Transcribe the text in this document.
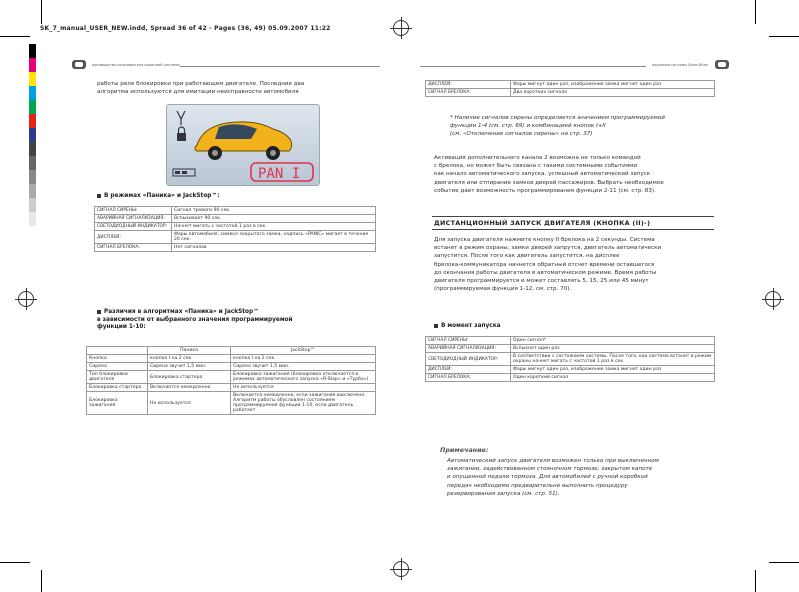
SK_7_manual_USER_NEW.indd, Spread 36 of 42 - Pages (36, 49) 05.09.2007 11:22
руководство пользователя охранной системы	охранная система Scher-Khan
работы реле блокировки при работающем двигателе. Последние два
алгоритма используются для имитации неисправности автомобиля
PAN I
В режимах «Паника» и JackStop™:
СИГНАЛ СИРЕНЫ:	Сигнал тревоги 90 сек.
АВАРИЙНАЯ СИГНАЛИЗАЦИЯ:	Вспыхивает 90 сек.
СВЕТОДИОДНЫЙ ИНДИКАТОР:	Начнет мигать с частотой 1 раз в сек.
ДИСПЛЕЙ:	Фары автомобиля, символ закрытого замка, надпись «PANIC» мигает в течение 20 сек.
СИГНАЛ БРЕЛОКА:	Нет сигналов
Различия в алгоритмах «Паника» и JackStop™
в зависимости от выбранного значения программируемой
функции 1-10:
	Паника	JackStop™
Кнопка	кнопка I на 2 сек.	кнопка I на 2 сек.
Сирена	Сирена звучит 1,5 мин.	Сирена звучит 1,5 мин.
Тип блокировки двигателя	Блокировка стартера	Блокировка зажигания (блокировка отключается в режимах автоматического запуска «R-Stop» и «Турбо»)
Блокировка стартера	Включается немедленно	Не используется
Блокировка зажигания	Не используется	Включается немедленно, если зажигание выключено. Алгоритм работы обусловлен состоянием программируемой функции 1-10, если двигатель работает
ДИСПЛЕЙ:	Фары мигнут один раз, изображение замка мигнет один раз
СИГНАЛ БРЕЛОКА:	Два коротких сигнала
* Наличие сигналов сирены определяется значением программируемой
функции 1-4 (см. стр. 69) и комбинацией кнопок I+II
(см. «Отключение сигналов сирены» на стр. 37)
Активация дополнительного канала 2 возможна не только командой
с брелока, но может быть связана с такими системными событиями
как начало автоматического запуска, успешный автоматический запуск
двигателя или отпирание замков дверей пассажиров. Выбрать необходимое
событие дает возможность программирования функции 2-11 (см. стр. 83).
ДИСТАНЦИОННЫЙ ЗАПУСК ДВИГАТЕЛЯ (КНОПКА (II)-)
Для запуска двигателя нажмите кнопку II брелока на 2 секунды. Система
встанет в режим охраны, замки дверей запрутся, двигатель автоматически
запустится. После того как двигатель запустится, на дисплее
брелока-коммуникатора начнется обратный отсчет времени оставшегося
до окончания работы двигателя в автоматическом режиме. Время работы
двигателя программируется и может составлять 5, 15, 25 или 45 минут
(программируемая функция 1-12, см. стр. 70).
В момент запуска
СИГНАЛ СИРЕНЫ:	Один сигнал*
АВАРИЙНАЯ СИГНАЛИЗАЦИЯ:	Вспыхнет один раз
СВЕТОДИОДНЫЙ ИНДИКАТОР:	В соответствии с состоянием системы. После того, как система встанет в режим охраны начнет мигать с частотой 1 раз в сек.
ДИСПЛЕЙ:	Фары мигнут один раз, изображение замка мигнет один раз
СИГНАЛ БРЕЛОКА:	Один короткий сигнал
Примечание:
Автоматический запуск двигателя возможен только при выключенном
зажигании, задействованном стояночном тормозе, закрытом капоте
и опущенной педали тормоза. Для автомобилей с ручной коробкой
передач необходимо предварительно выполнить процедуру
резервирования запуска (см. стр. 51).
